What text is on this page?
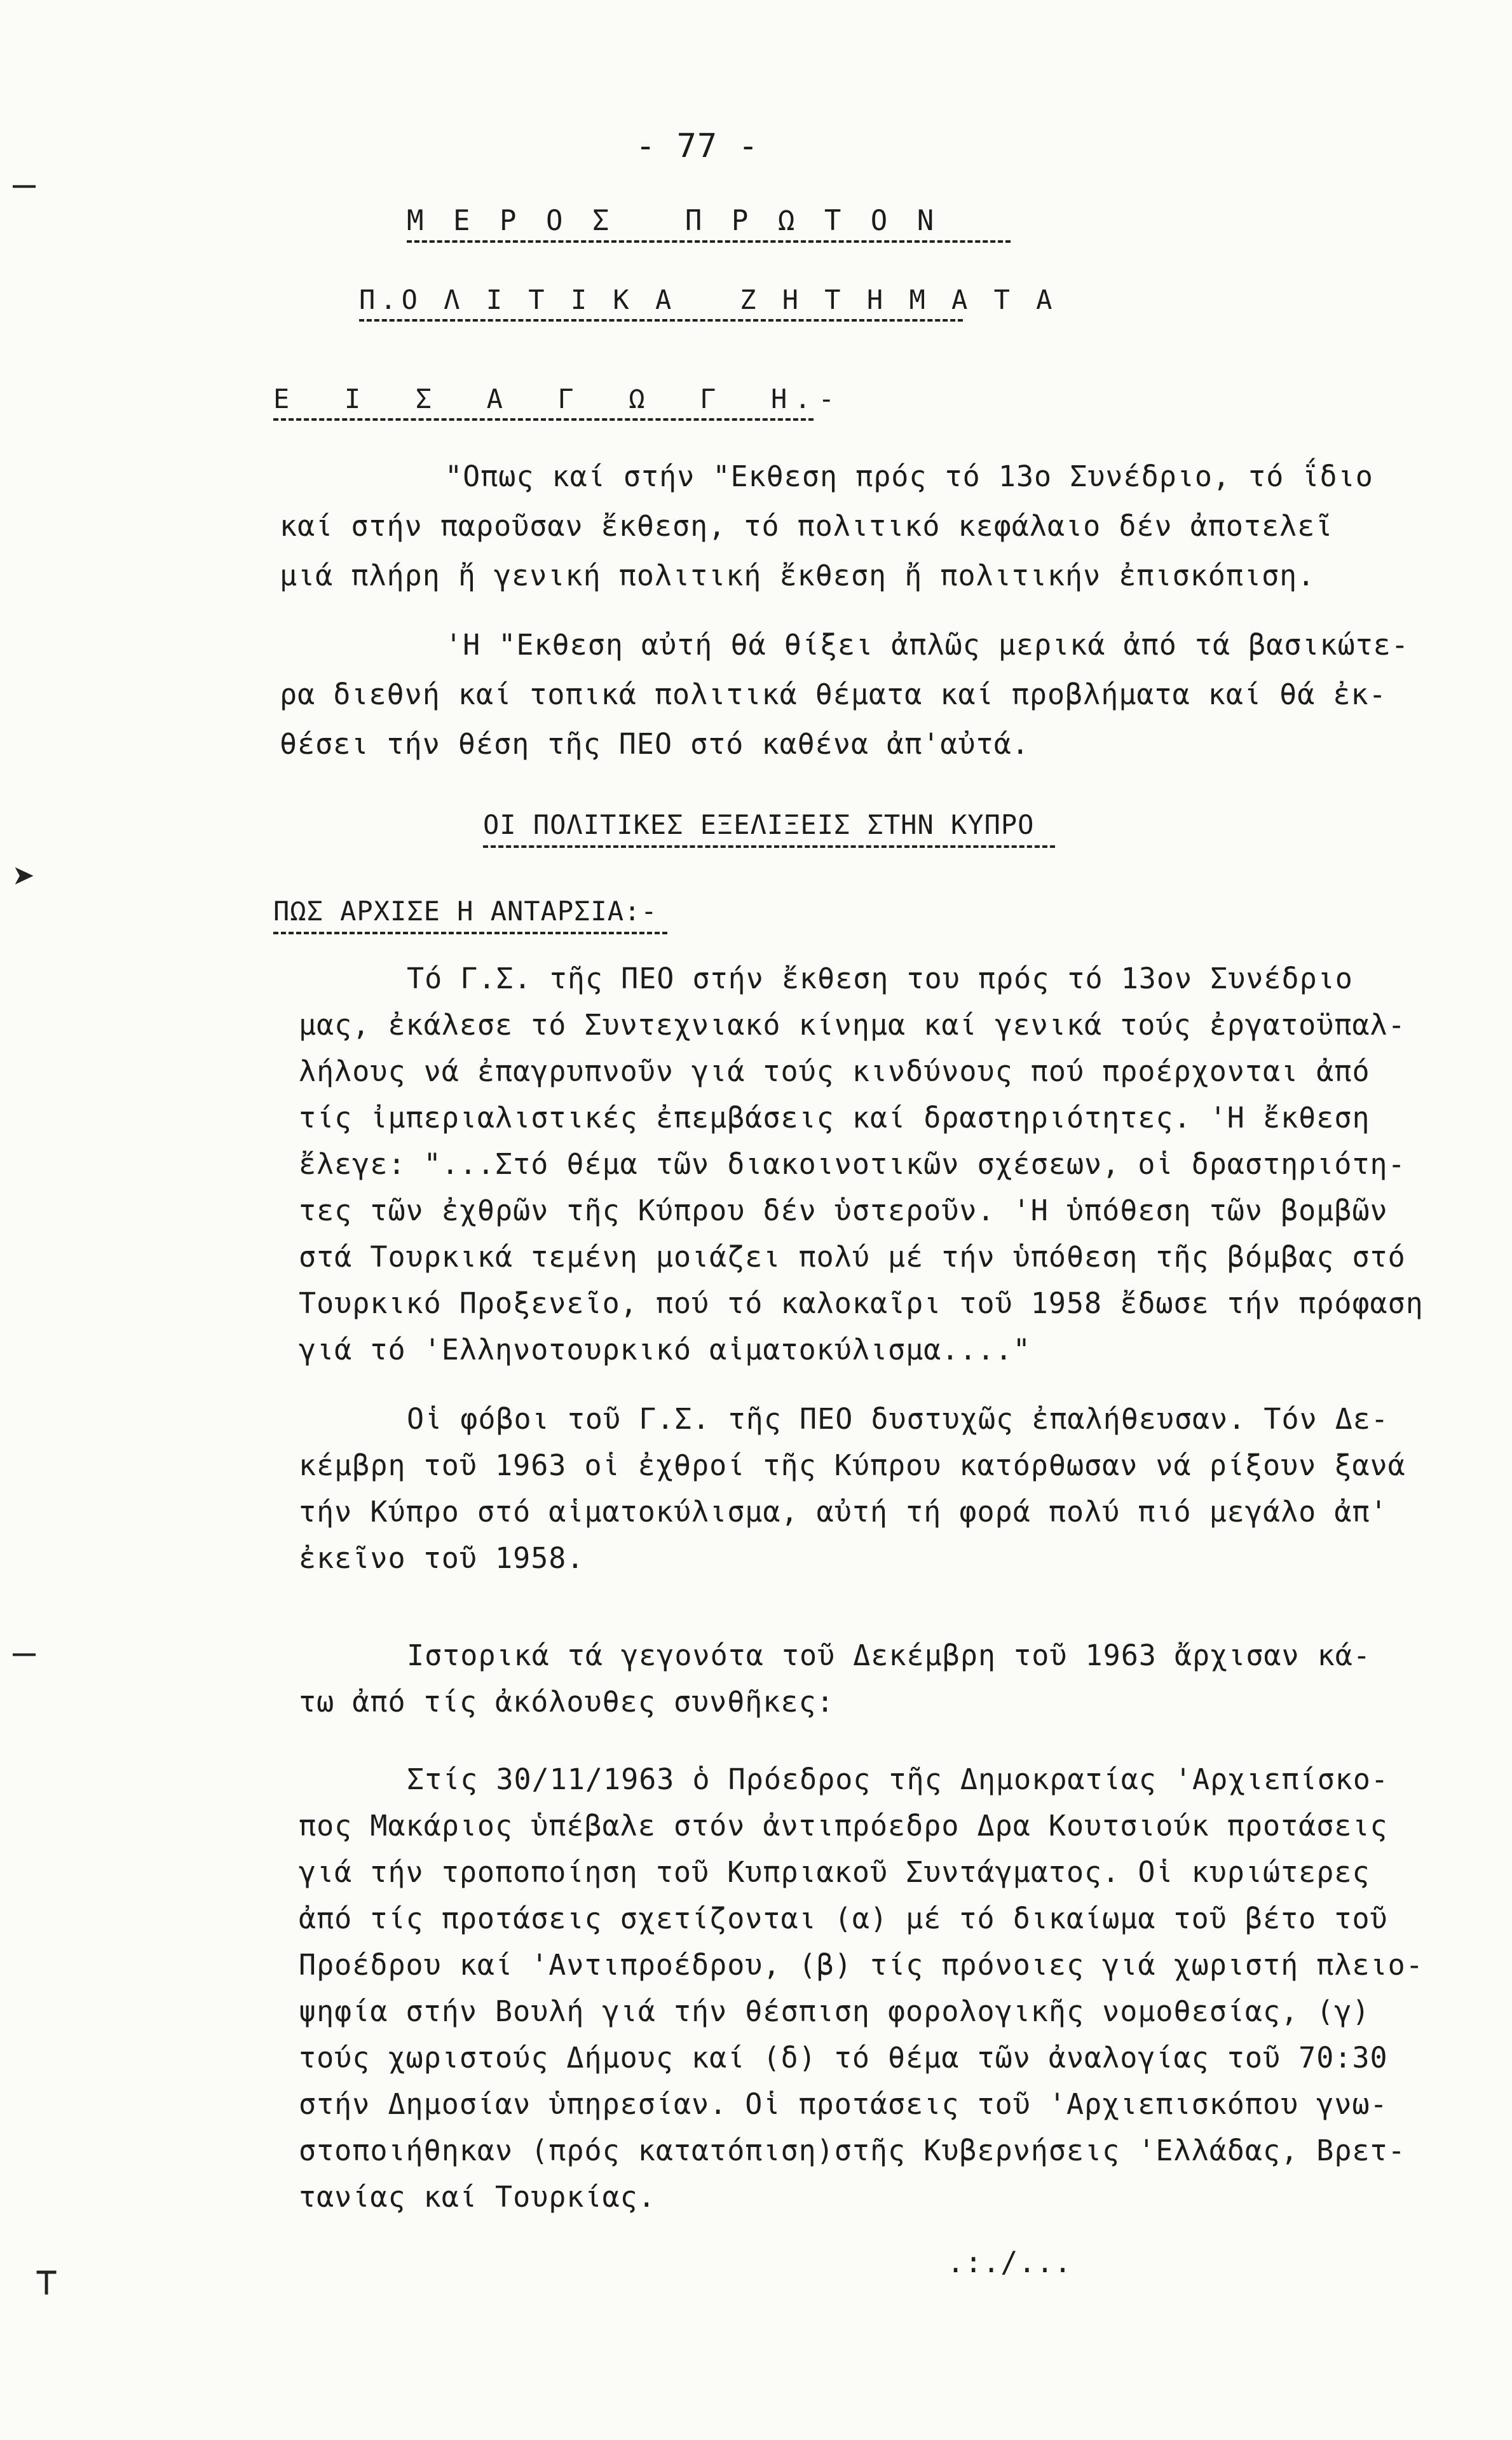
- 77 -
Μ Ε Ρ Ο Σ   Π Ρ Ω Τ Ο Ν
Π.Ο Λ Ι Τ Ι Κ Α   Ζ Η Τ Η Μ Α Τ Α
Ε  Ι  Σ  Α  Γ  Ω  Γ  Η.-
"Οπως καί στήν "Εκθεση πρός τό 13ο Συνέδριο, τό ΐδιο
καί στήν παροῦσαν ἔκθεση, τό πολιτικό κεφάλαιο δέν ἀποτελεῖ
μιά πλήρη ἤ γενική πολιτική ἔκθεση ἤ πολιτικήν ἐπισκόπιση.
'Η "Εκθεση αὐτή θά θίξει ἀπλῶς μερικά ἀπό τά βασικώτε-
ρα διεθνή καί τοπικά πολιτικά θέματα καί προβλήματα καί θά ἐκ-
θέσει τήν θέση τῆς ΠΕΟ στό καθένα ἀπ'αὐτά.
ΟΙ ΠΟΛΙΤΙΚΕΣ ΕΞΕΛΙΞΕΙΣ ΣΤΗΝ ΚΥΠΡΟ
ΠΩΣ ΑΡΧΙΣΕ Η ΑΝΤΑΡΣΙΑ:-
Τό Γ.Σ. τῆς ΠΕΟ στήν ἔκθεση του πρός τό 13ον Συνέδριο
μας, ἐκάλεσε τό Συντεχνιακό κίνημα καί γενικά τούς ἐργατοϋπαλ-
λήλους νά ἐπαγρυπνοῦν γιά τούς κινδύνους πού προέρχονται ἀπό
τίς ἰμπεριαλιστικές ἐπεμβάσεις καί δραστηριότητες. 'Η ἔκθεση
ἔλεγε: "...Στό θέμα τῶν διακοινοτικῶν σχέσεων, οἱ δραστηριότη-
τες τῶν ἐχθρῶν τῆς Κύπρου δέν ὑστεροῦν. 'Η ὑπόθεση τῶν βομβῶν
στά Τουρκικά τεμένη μοιάζει πολύ μέ τήν ὑπόθεση τῆς βόμβας στό
Τουρκικό Προξενεῖο, πού τό καλοκαῖρι τοῦ 1958 ἔδωσε τήν πρόφαση
γιά τό 'Ελληνοτουρκικό αἱματοκύλισμα...."
Οἱ φόβοι τοῦ Γ.Σ. τῆς ΠΕΟ δυστυχῶς ἐπαλήθευσαν. Τόν Δε-
κέμβρη τοῦ 1963 οἱ ἐχθροί τῆς Κύπρου κατόρθωσαν νά ρίξουν ξανά
τήν Κύπρο στό αἱματοκύλισμα, αὐτή τή φορά πολύ πιό μεγάλο ἀπ'
ἐκεῖνο τοῦ 1958.
Ιστορικά τά γεγονότα τοῦ Δεκέμβρη τοῦ 1963 ἄρχισαν κά-
τω ἀπό τίς ἀκόλουθες συνθῆκες:
Στίς 30/11/1963 ὁ Πρόεδρος τῆς Δημοκρατίας 'Αρχιεπίσκο-
πος Μακάριος ὑπέβαλε στόν ἀντιπρόεδρο Δρα Κουτσιούκ προτάσεις
γιά τήν τροποποίηση τοῦ Κυπριακοῦ Συντάγματος. Οἱ κυριώτερες
ἀπό τίς προτάσεις σχετίζονται (α) μέ τό δικαίωμα τοῦ βέτο τοῦ
Προέδρου καί 'Αντιπροέδρου, (β) τίς πρόνοιες γιά χωριστή πλειο-
ψηφία στήν Βουλή γιά τήν θέσπιση φορολογικῆς νομοθεσίας, (γ)
τούς χωριστούς Δήμους καί (δ) τό θέμα τῶν ἀναλογίας τοῦ 70:30
στήν Δημοσίαν ὑπηρεσίαν. Οἱ προτάσεις τοῦ 'Αρχιεπισκόπου γνω-
στοποιήθηκαν (πρός κατατόπιση)στῆς Κυβερνήσεις 'Ελλάδας, Βρετ-
τανίας καί Τουρκίας.
.:./...
‒
➤
‒
⊤
